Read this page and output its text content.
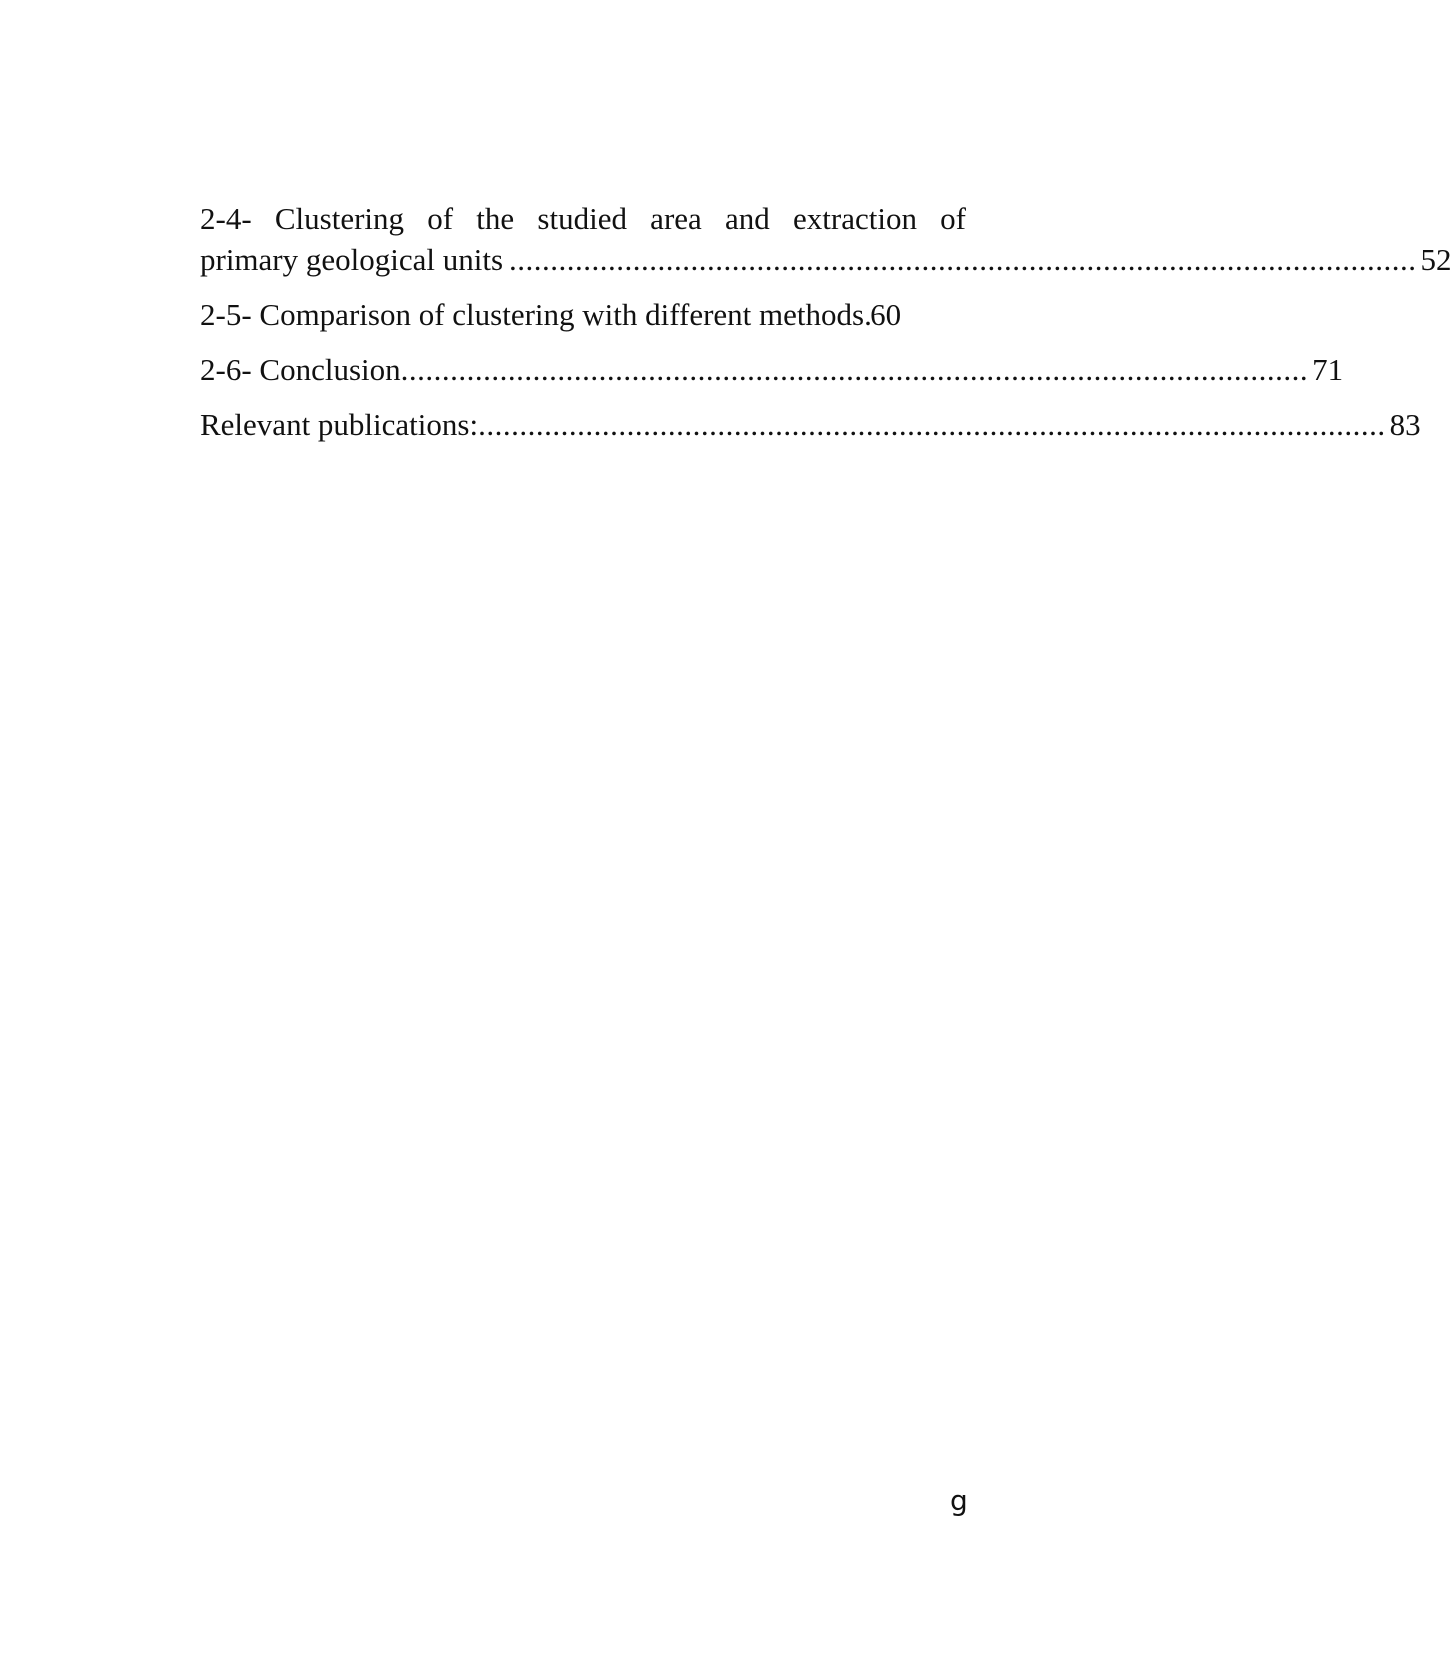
2-4- Clustering of the studied area and extraction of
primary geological units .............................................................................................................. 52
2-5- Comparison of clustering with different methods .
60
2-6- Conclusion .............................................................................................................. 71
Relevant publications: .............................................................................................................. 83
g
